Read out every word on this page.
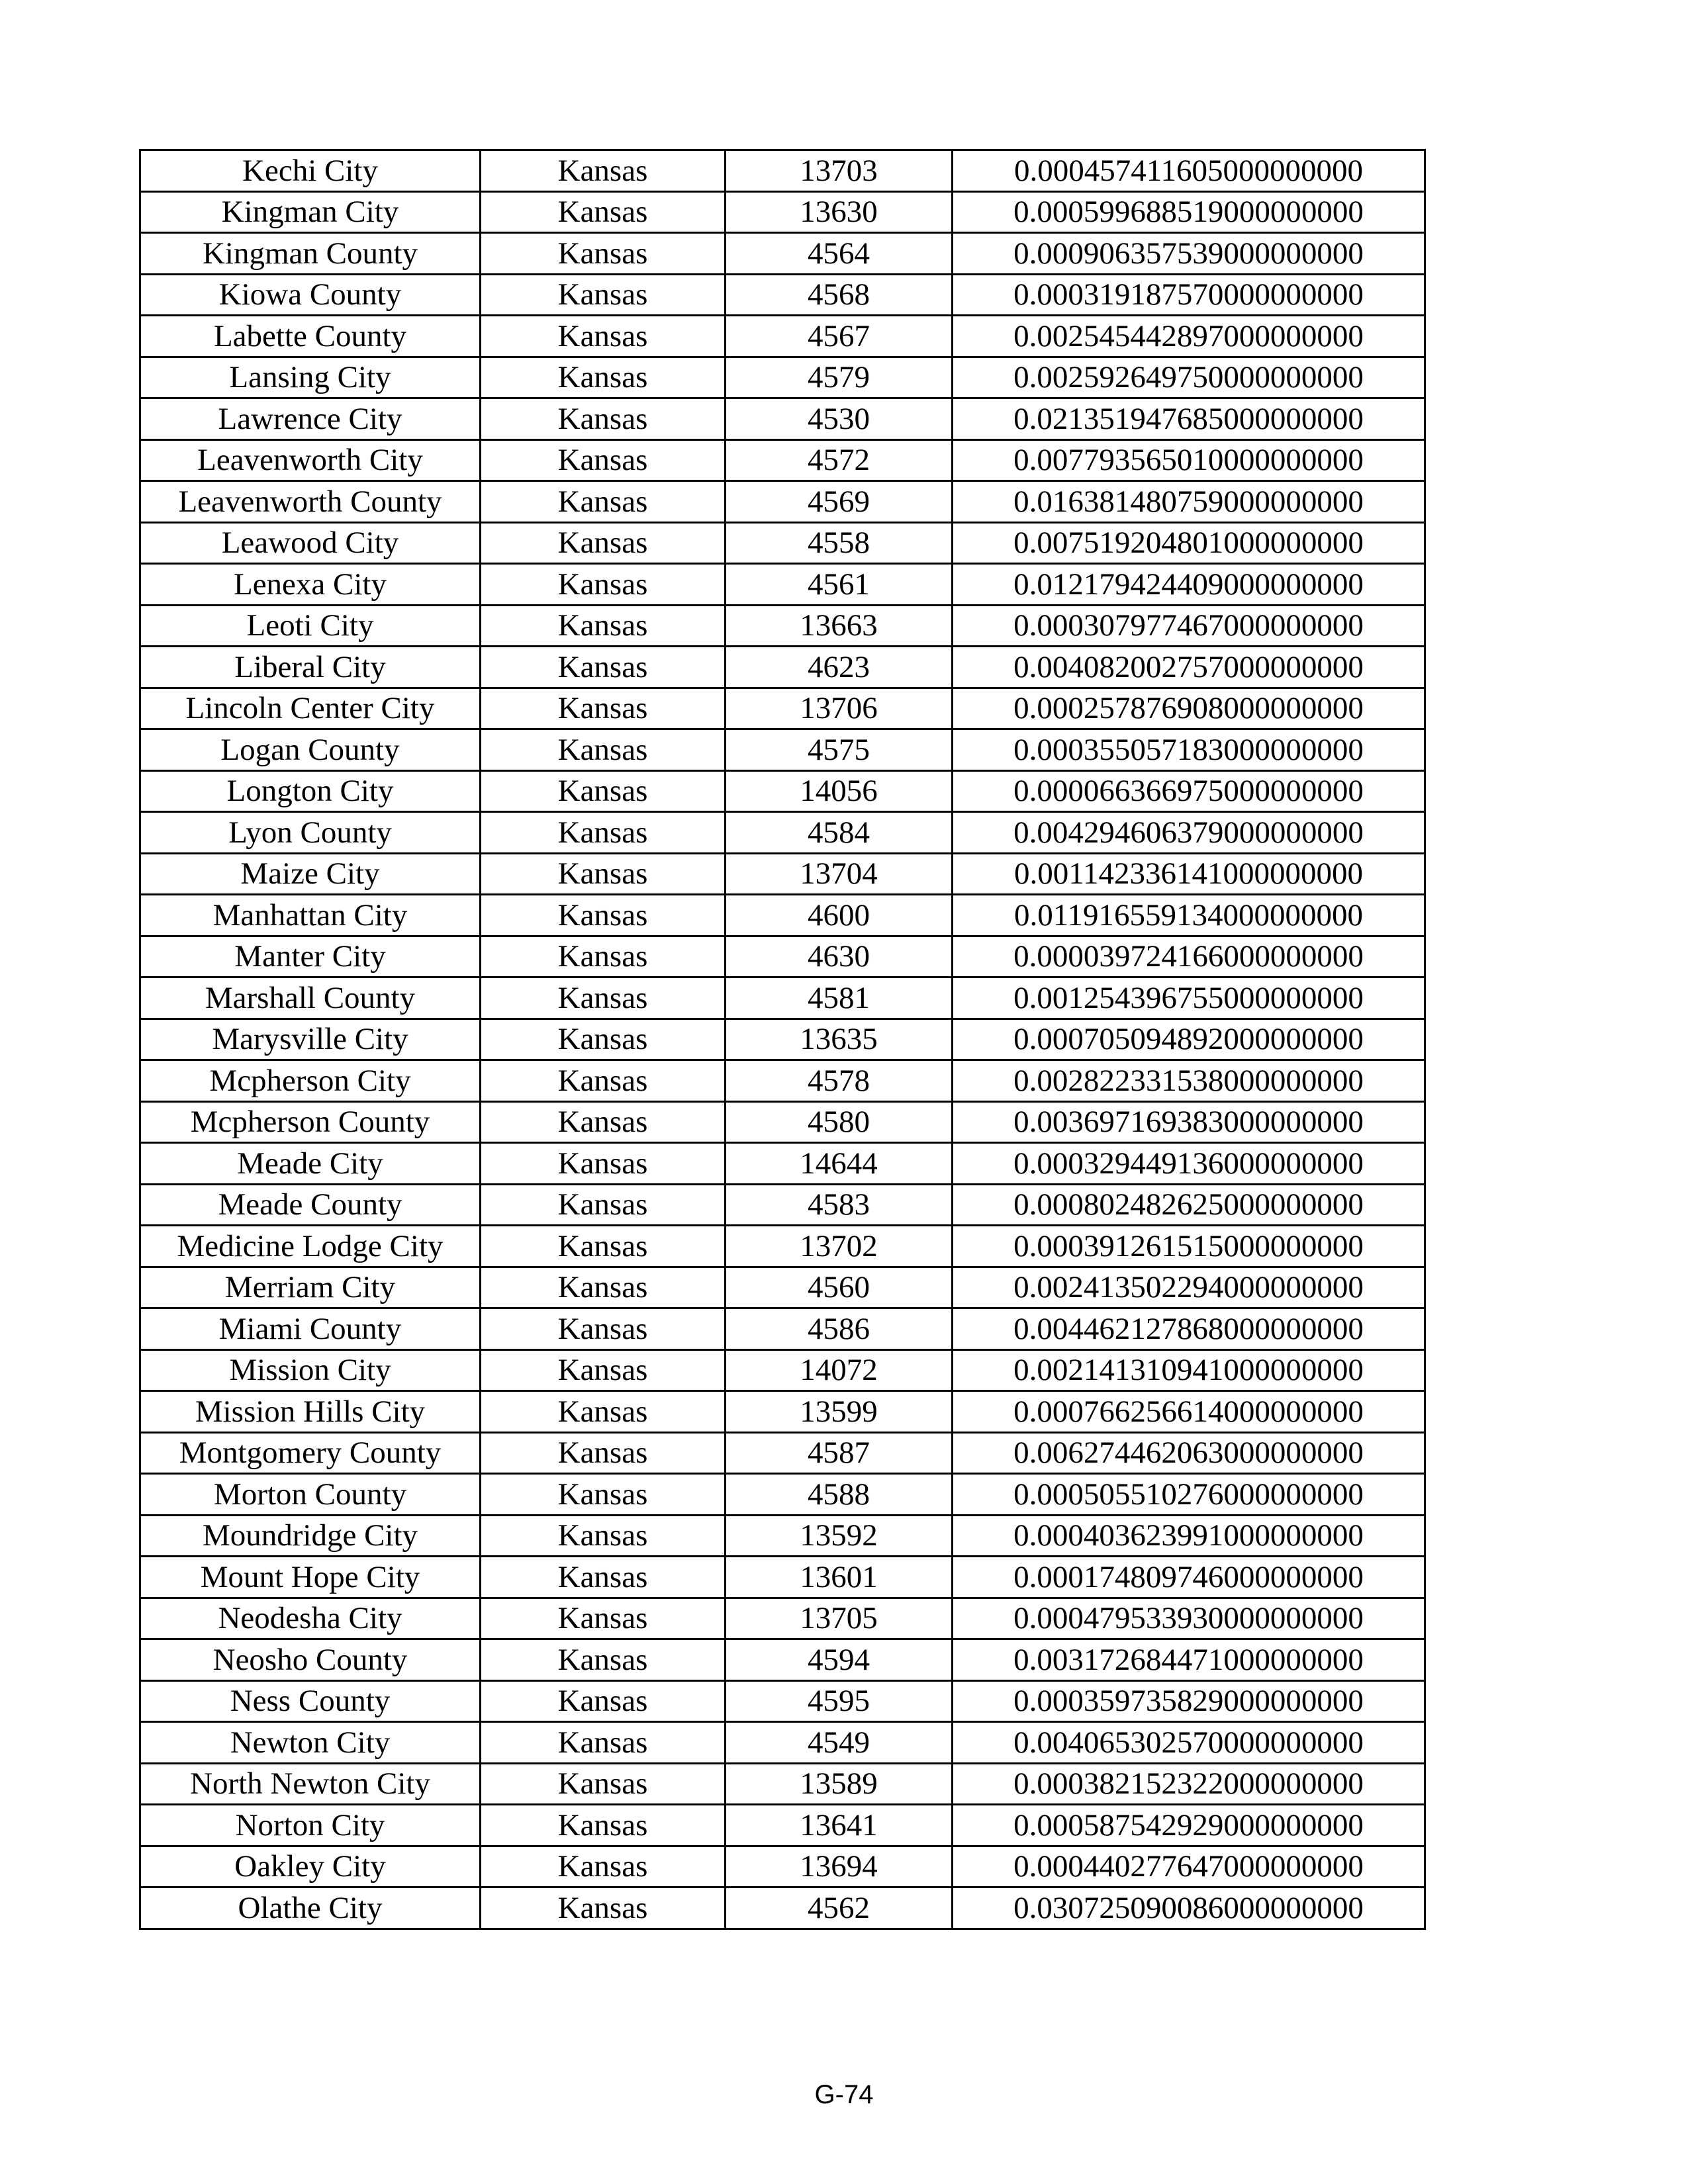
Kechi City	Kansas	13703	0.000457411605000000000
Kingman City	Kansas	13630	0.000599688519000000000
Kingman County	Kansas	4564	0.000906357539000000000
Kiowa County	Kansas	4568	0.000319187570000000000
Labette County	Kansas	4567	0.002545442897000000000
Lansing City	Kansas	4579	0.002592649750000000000
Lawrence City	Kansas	4530	0.021351947685000000000
Leavenworth City	Kansas	4572	0.007793565010000000000
Leavenworth County	Kansas	4569	0.016381480759000000000
Leawood City	Kansas	4558	0.007519204801000000000
Lenexa City	Kansas	4561	0.012179424409000000000
Leoti City	Kansas	13663	0.000307977467000000000
Liberal City	Kansas	4623	0.004082002757000000000
Lincoln Center City	Kansas	13706	0.000257876908000000000
Logan County	Kansas	4575	0.000355057183000000000
Longton City	Kansas	14056	0.000066366975000000000
Lyon County	Kansas	4584	0.004294606379000000000
Maize City	Kansas	13704	0.001142336141000000000
Manhattan City	Kansas	4600	0.011916559134000000000
Manter City	Kansas	4630	0.000039724166000000000
Marshall County	Kansas	4581	0.001254396755000000000
Marysville City	Kansas	13635	0.000705094892000000000
Mcpherson City	Kansas	4578	0.002822331538000000000
Mcpherson County	Kansas	4580	0.003697169383000000000
Meade City	Kansas	14644	0.000329449136000000000
Meade County	Kansas	4583	0.000802482625000000000
Medicine Lodge City	Kansas	13702	0.000391261515000000000
Merriam City	Kansas	4560	0.002413502294000000000
Miami County	Kansas	4586	0.004462127868000000000
Mission City	Kansas	14072	0.002141310941000000000
Mission Hills City	Kansas	13599	0.000766256614000000000
Montgomery County	Kansas	4587	0.006274462063000000000
Morton County	Kansas	4588	0.000505510276000000000
Moundridge City	Kansas	13592	0.000403623991000000000
Mount Hope City	Kansas	13601	0.000174809746000000000
Neodesha City	Kansas	13705	0.000479533930000000000
Neosho County	Kansas	4594	0.003172684471000000000
Ness County	Kansas	4595	0.000359735829000000000
Newton City	Kansas	4549	0.004065302570000000000
North Newton City	Kansas	13589	0.000382152322000000000
Norton City	Kansas	13641	0.000587542929000000000
Oakley City	Kansas	13694	0.000440277647000000000
Olathe City	Kansas	4562	0.030725090086000000000
G-74
